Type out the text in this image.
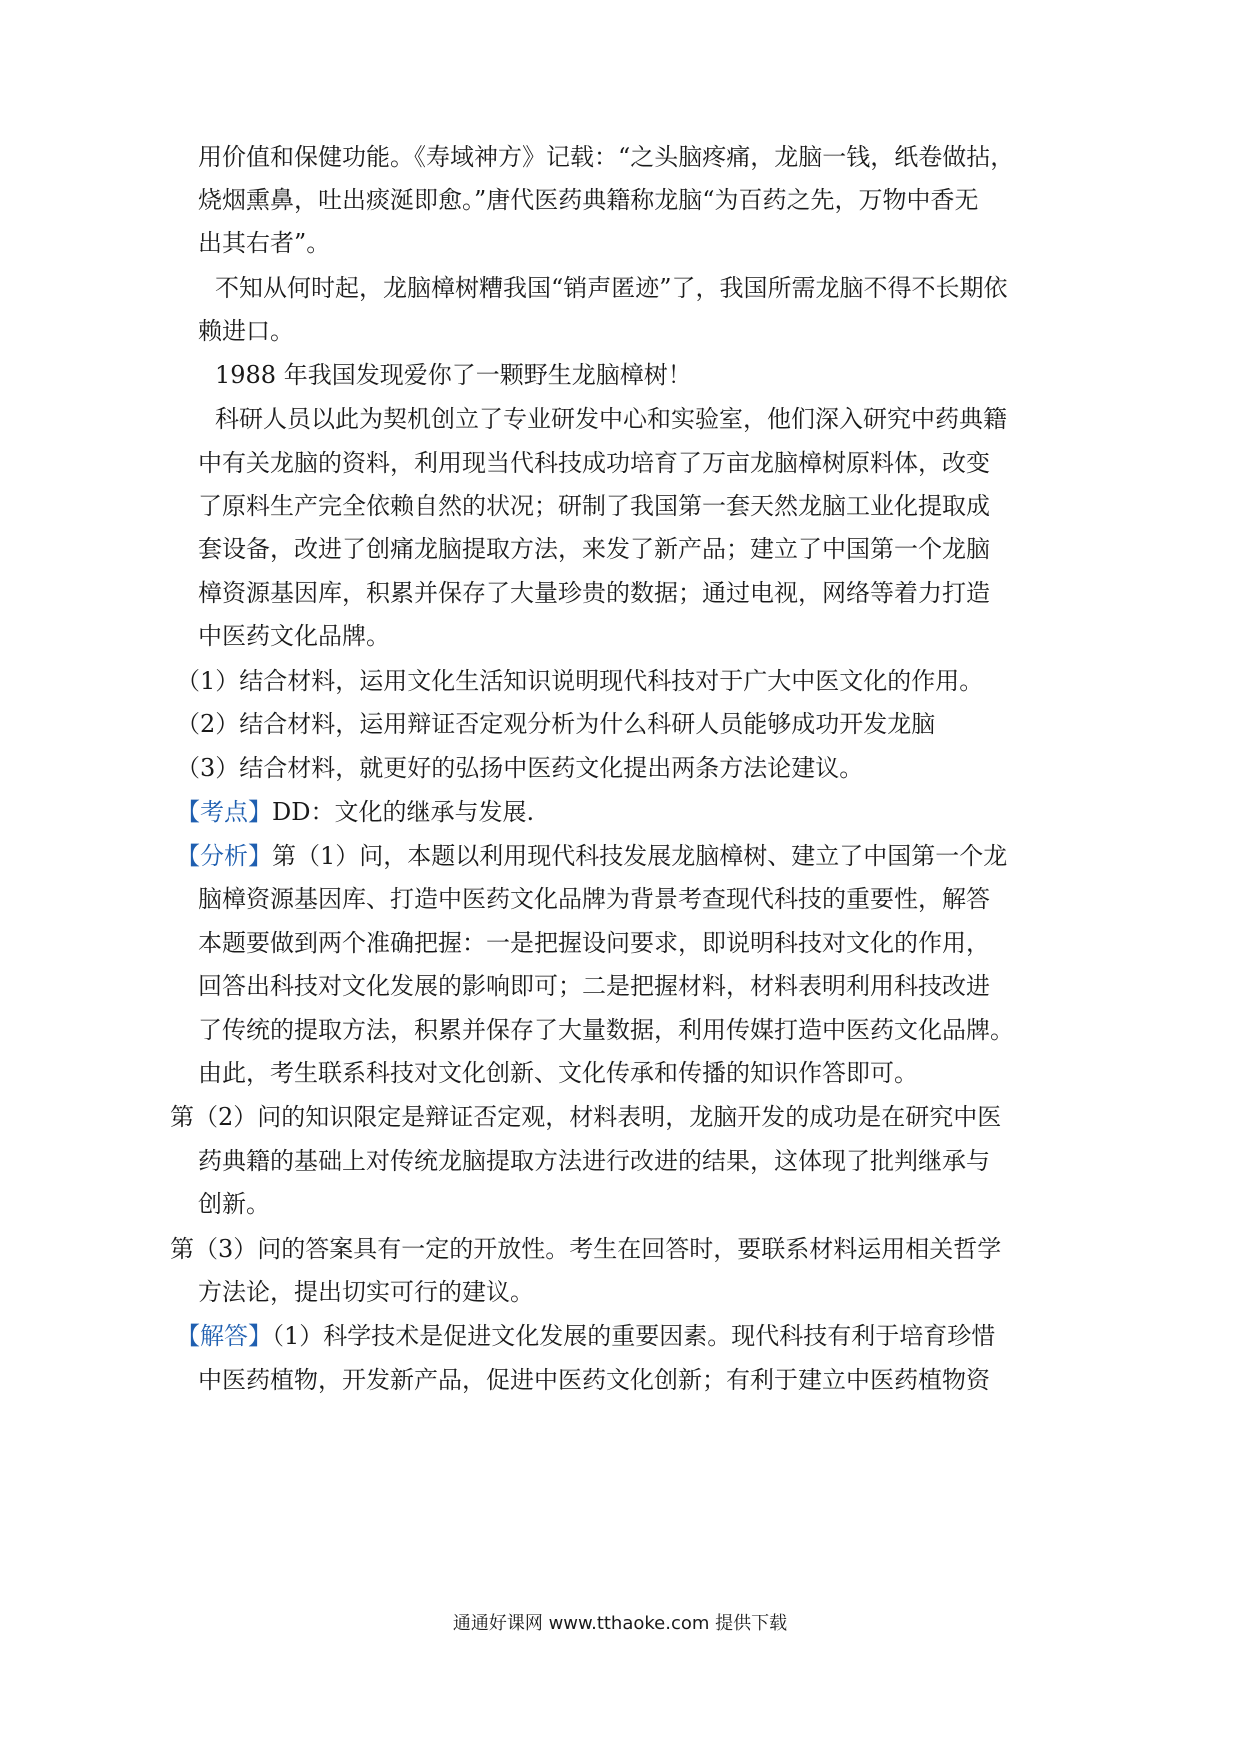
用价值和保健功能。《寿域神方》记载：“之头脑疼痛，龙脑一钱，纸卷做拈，
烧烟熏鼻，吐出痰涎即愈。”唐代医药典籍称龙脑“为百药之先，万物中香无
出其右者”。
不知从何时起，龙脑樟树糟我国“销声匿迹”了，我国所需龙脑不得不长期依
赖进口。
1988 年我国发现爱你了一颗野生龙脑樟树！
科研人员以此为契机创立了专业研发中心和实验室，他们深入研究中药典籍
中有关龙脑的资料，利用现当代科技成功培育了万亩龙脑樟树原料体，改变
了原料生产完全依赖自然的状况；研制了我国第一套天然龙脑工业化提取成
套设备，改进了创痛龙脑提取方法，来发了新产品；建立了中国第一个龙脑
樟资源基因库，积累并保存了大量珍贵的数据；通过电视，网络等着力打造
中医药文化品牌。
（1）结合材料，运用文化生活知识说明现代科技对于广大中医文化的作用。
（2）结合材料，运用辩证否定观分析为什么科研人员能够成功开发龙脑
（3）结合材料，就更好的弘扬中医药文化提出两条方法论建议。
【考点】DD：文化的继承与发展.
【分析】第（1）问，本题以利用现代科技发展龙脑樟树、建立了中国第一个龙
脑樟资源基因库、打造中医药文化品牌为背景考查现代科技的重要性，解答
本题要做到两个准确把握：一是把握设问要求，即说明科技对文化的作用，
回答出科技对文化发展的影响即可；二是把握材料，材料表明利用科技改进
了传统的提取方法，积累并保存了大量数据，利用传媒打造中医药文化品牌。
由此，考生联系科技对文化创新、文化传承和传播的知识作答即可。
第（2）问的知识限定是辩证否定观，材料表明，龙脑开发的成功是在研究中医
药典籍的基础上对传统龙脑提取方法进行改进的结果，这体现了批判继承与
创新。
第（3）问的答案具有一定的开放性。考生在回答时，要联系材料运用相关哲学
方法论，提出切实可行的建议。
【解答】（1）科学技术是促进文化发展的重要因素。现代科技有利于培育珍惜
中医药植物，开发新产品，促进中医药文化创新；有利于建立中医药植物资
通通好课网 www.tthaoke.com 提供下载
